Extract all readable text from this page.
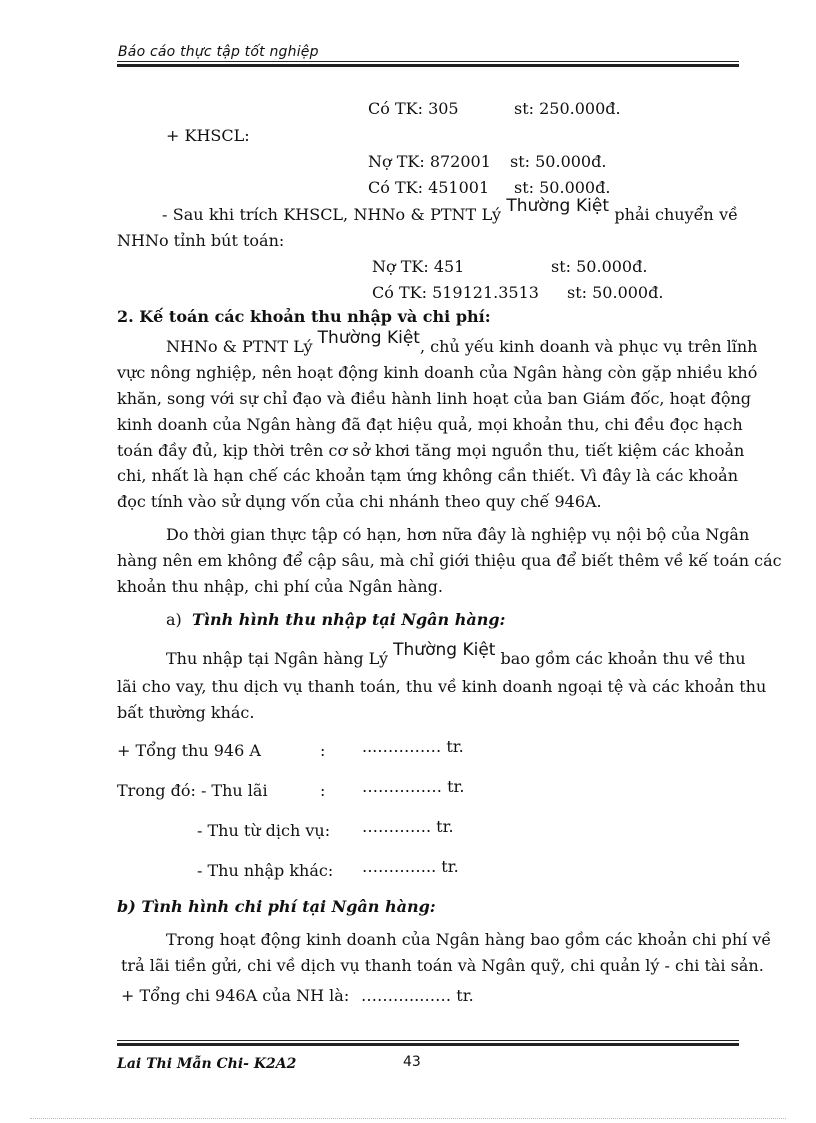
Báo cáo thực tập tốt nghiệp
Có TK: 305	st: 250.000đ.
+ KHSCL:
Nợ TK: 872001 st: 50.000đ.
Có TK: 451001 st: 50.000đ.
- Sau khi trích KHSCL, NHNo & PTNT Lý Thường Kiệt phải chuyển về
NHNo tỉnh bút toán:
Nợ TK: 451	st: 50.000đ.
Có TK: 519121.3513 st: 50.000đ.
2. Kế toán các khoản thu nhập và chi phí:
NHNo & PTNT Lý Thường Kiệt, chủ yếu kinh doanh và phục vụ trên lĩnh
vực nông nghiệp, nên hoạt động kinh doanh của Ngân hàng còn gặp nhiều khó
khăn, song với sự chỉ đạo và điều hành linh hoạt của ban Giám đốc, hoạt động
kinh doanh của Ngân hàng đã đạt hiệu quả, mọi khoản thu, chi đều đọc hạch
toán đầy đủ, kịp thời trên cơ sở khơi tăng mọi nguồn thu, tiết kiệm các khoản
chi, nhất là hạn chế các khoản tạm ứng không cần thiết. Vì đây là các khoản
đọc tính vào sử dụng vốn của chi nhánh theo quy chế 946A.
Do thời gian thực tập có hạn, hơn nữa đây là nghiệp vụ nội bộ của Ngân
hàng nên em không để cập sâu, mà chỉ giới thiệu qua để biết thêm về kế toán các
khoản thu nhập, chi phí của Ngân hàng.
a) Tình hình thu nhập tại Ngân hàng:
Thu nhập tại Ngân hàng Lý Thường Kiệt bao gồm các khoản thu về thu
lãi cho vay, thu dịch vụ thanh toán, thu về kinh doanh ngoại tệ và các khoản thu
bất thường khác.
+ Tổng thu 946 A	: ...………… tr.
Trong đó: - Thu lãi	: …………… tr.
- Thu từ dịch vụ: …………. tr.
- Thu nhập khác: ………….. tr.
b) Tình hình chi phí tại Ngân hàng:
Trong hoạt động kinh doanh của Ngân hàng bao gồm các khoản chi phí về
trả lãi tiền gửi, chi về dịch vụ thanh toán và Ngân quỹ, chi quản lý - chi tài sản.
+ Tổng chi 946A của NH là: ………..…… tr.
Lai Thi Mẫn Chi- K2A2	43
